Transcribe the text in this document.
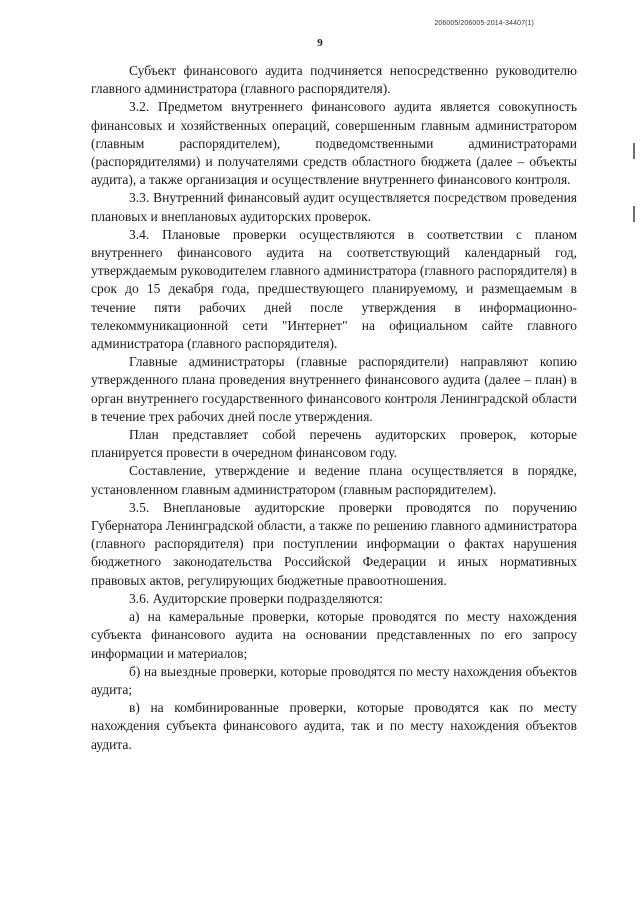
206005/206005-2014-34407(1)
9

Субъект финансового аудита подчиняется непосредственно руководителю главного администратора (главного распорядителя).

3.2. Предметом внутреннего финансового аудита является совокупность финансовых и хозяйственных операций, совершенным главным администратором (главным распорядителем), подведомственными администраторами (распорядителями) и получателями средств областного бюджета (далее – объекты аудита), а также организация и осуществление внутреннего финансового контроля.

3.3. Внутренний финансовый аудит осуществляется посредством проведения плановых и внеплановых аудиторских проверок.

3.4. Плановые проверки осуществляются в соответствии с планом внутреннего финансового аудита на соответствующий календарный год, утверждаемым руководителем главного администратора (главного распорядителя) в срок до 15 декабря года, предшествующего планируемому, и размещаемым в течение пяти рабочих дней после утверждения в информационно-телекоммуникационной сети "Интернет" на официальном сайте главного администратора (главного распорядителя).

Главные администраторы (главные распорядители) направляют копию утвержденного плана проведения внутреннего финансового аудита (далее – план) в орган внутреннего государственного финансового контроля Ленинградской области в течение трех рабочих дней после утверждения.

План представляет собой перечень аудиторских проверок, которые планируется провести в очередном финансовом году.

Составление, утверждение и ведение плана осуществляется в порядке, установленном главным администратором (главным распорядителем).

3.5. Внеплановые аудиторские проверки проводятся по поручению Губернатора Ленинградской области, а также по решению главного администратора (главного распорядителя) при поступлении информации о фактах нарушения бюджетного законодательства Российской Федерации и иных нормативных правовых актов, регулирующих бюджетные правоотношения.

3.6. Аудиторские проверки подразделяются:

а) на камеральные проверки, которые проводятся по месту нахождения субъекта финансового аудита на основании представленных по его запросу информации и материалов;

б) на выездные проверки, которые проводятся по месту нахождения объектов аудита;

в) на комбинированные проверки, которые проводятся как по месту нахождения субъекта финансового аудита, так и по месту нахождения объектов аудита.
